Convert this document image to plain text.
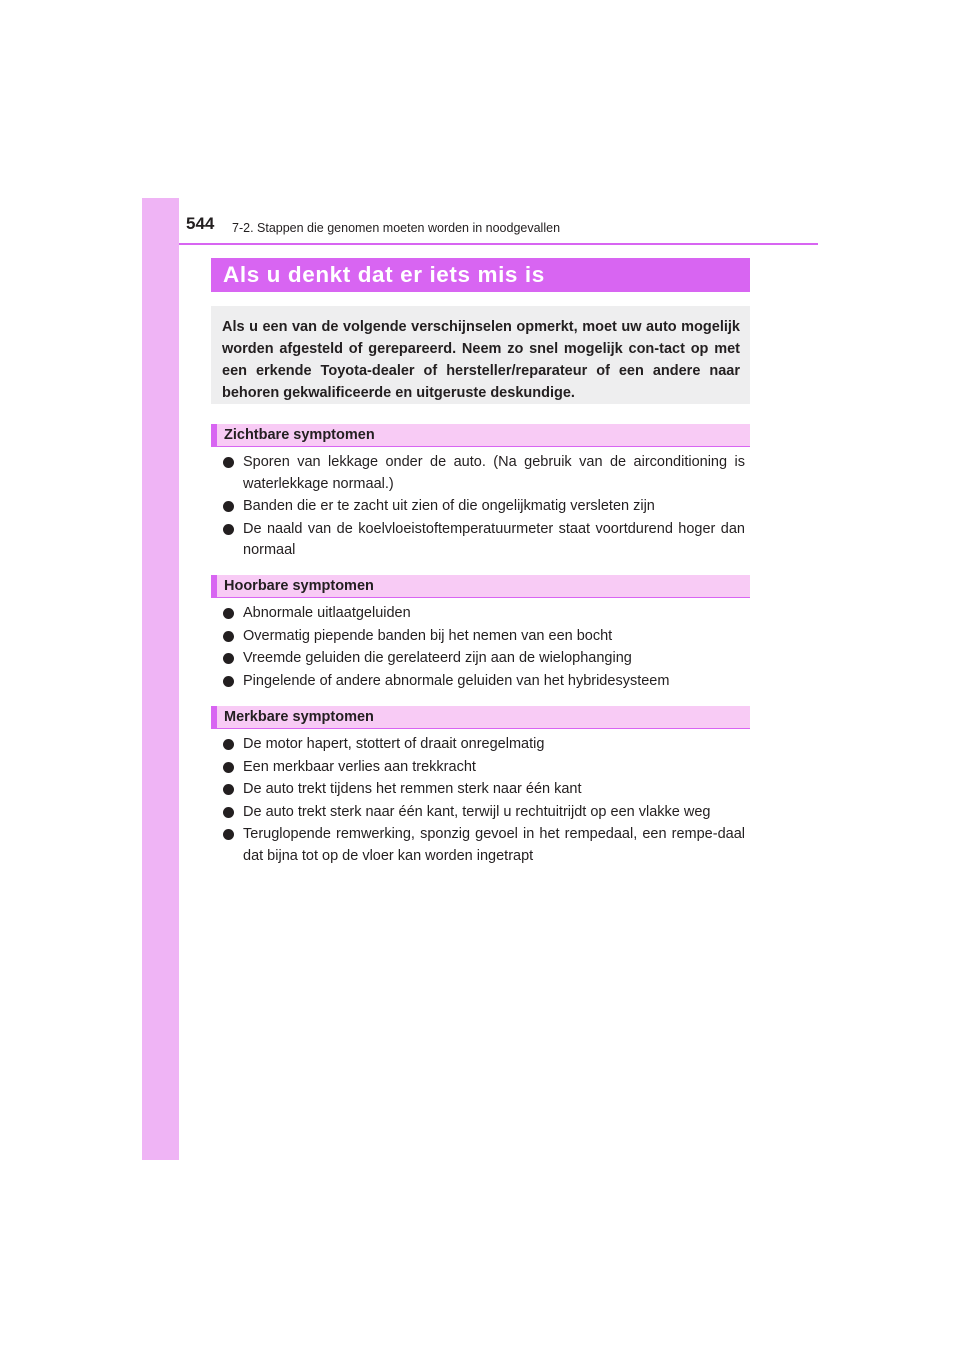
544 7-2. Stappen die genomen moeten worden in noodgevallen
Als u denkt dat er iets mis is

Als u een van de volgende verschijnselen opmerkt, moet uw auto mogelijk worden afgesteld of gerepareerd. Neem zo snel mogelijk con-tact op met een erkende Toyota-dealer of hersteller/reparateur of een andere naar behoren gekwalificeerde en uitgeruste deskundige.

Zichtbare symptomen
Sporen van lekkage onder de auto. (Na gebruik van de airconditioning is waterlekkage normaal.)
Banden die er te zacht uit zien of die ongelijkmatig versleten zijn
De naald van de koelvloeistoftemperatuurmeter staat voortdurend hoger dan normaal
Hoorbare symptomen
Abnormale uitlaatgeluiden
Overmatig piepende banden bij het nemen van een bocht
Vreemde geluiden die gerelateerd zijn aan de wielophanging
Pingelende of andere abnormale geluiden van het hybridesysteem
Merkbare symptomen
De motor hapert, stottert of draait onregelmatig
Een merkbaar verlies aan trekkracht
De auto trekt tijdens het remmen sterk naar één kant
De auto trekt sterk naar één kant, terwijl u rechtuitrijdt op een vlakke weg
Teruglopende remwerking, sponzig gevoel in het rempedaal, een rempe-daal dat bijna tot op de vloer kan worden ingetrapt
